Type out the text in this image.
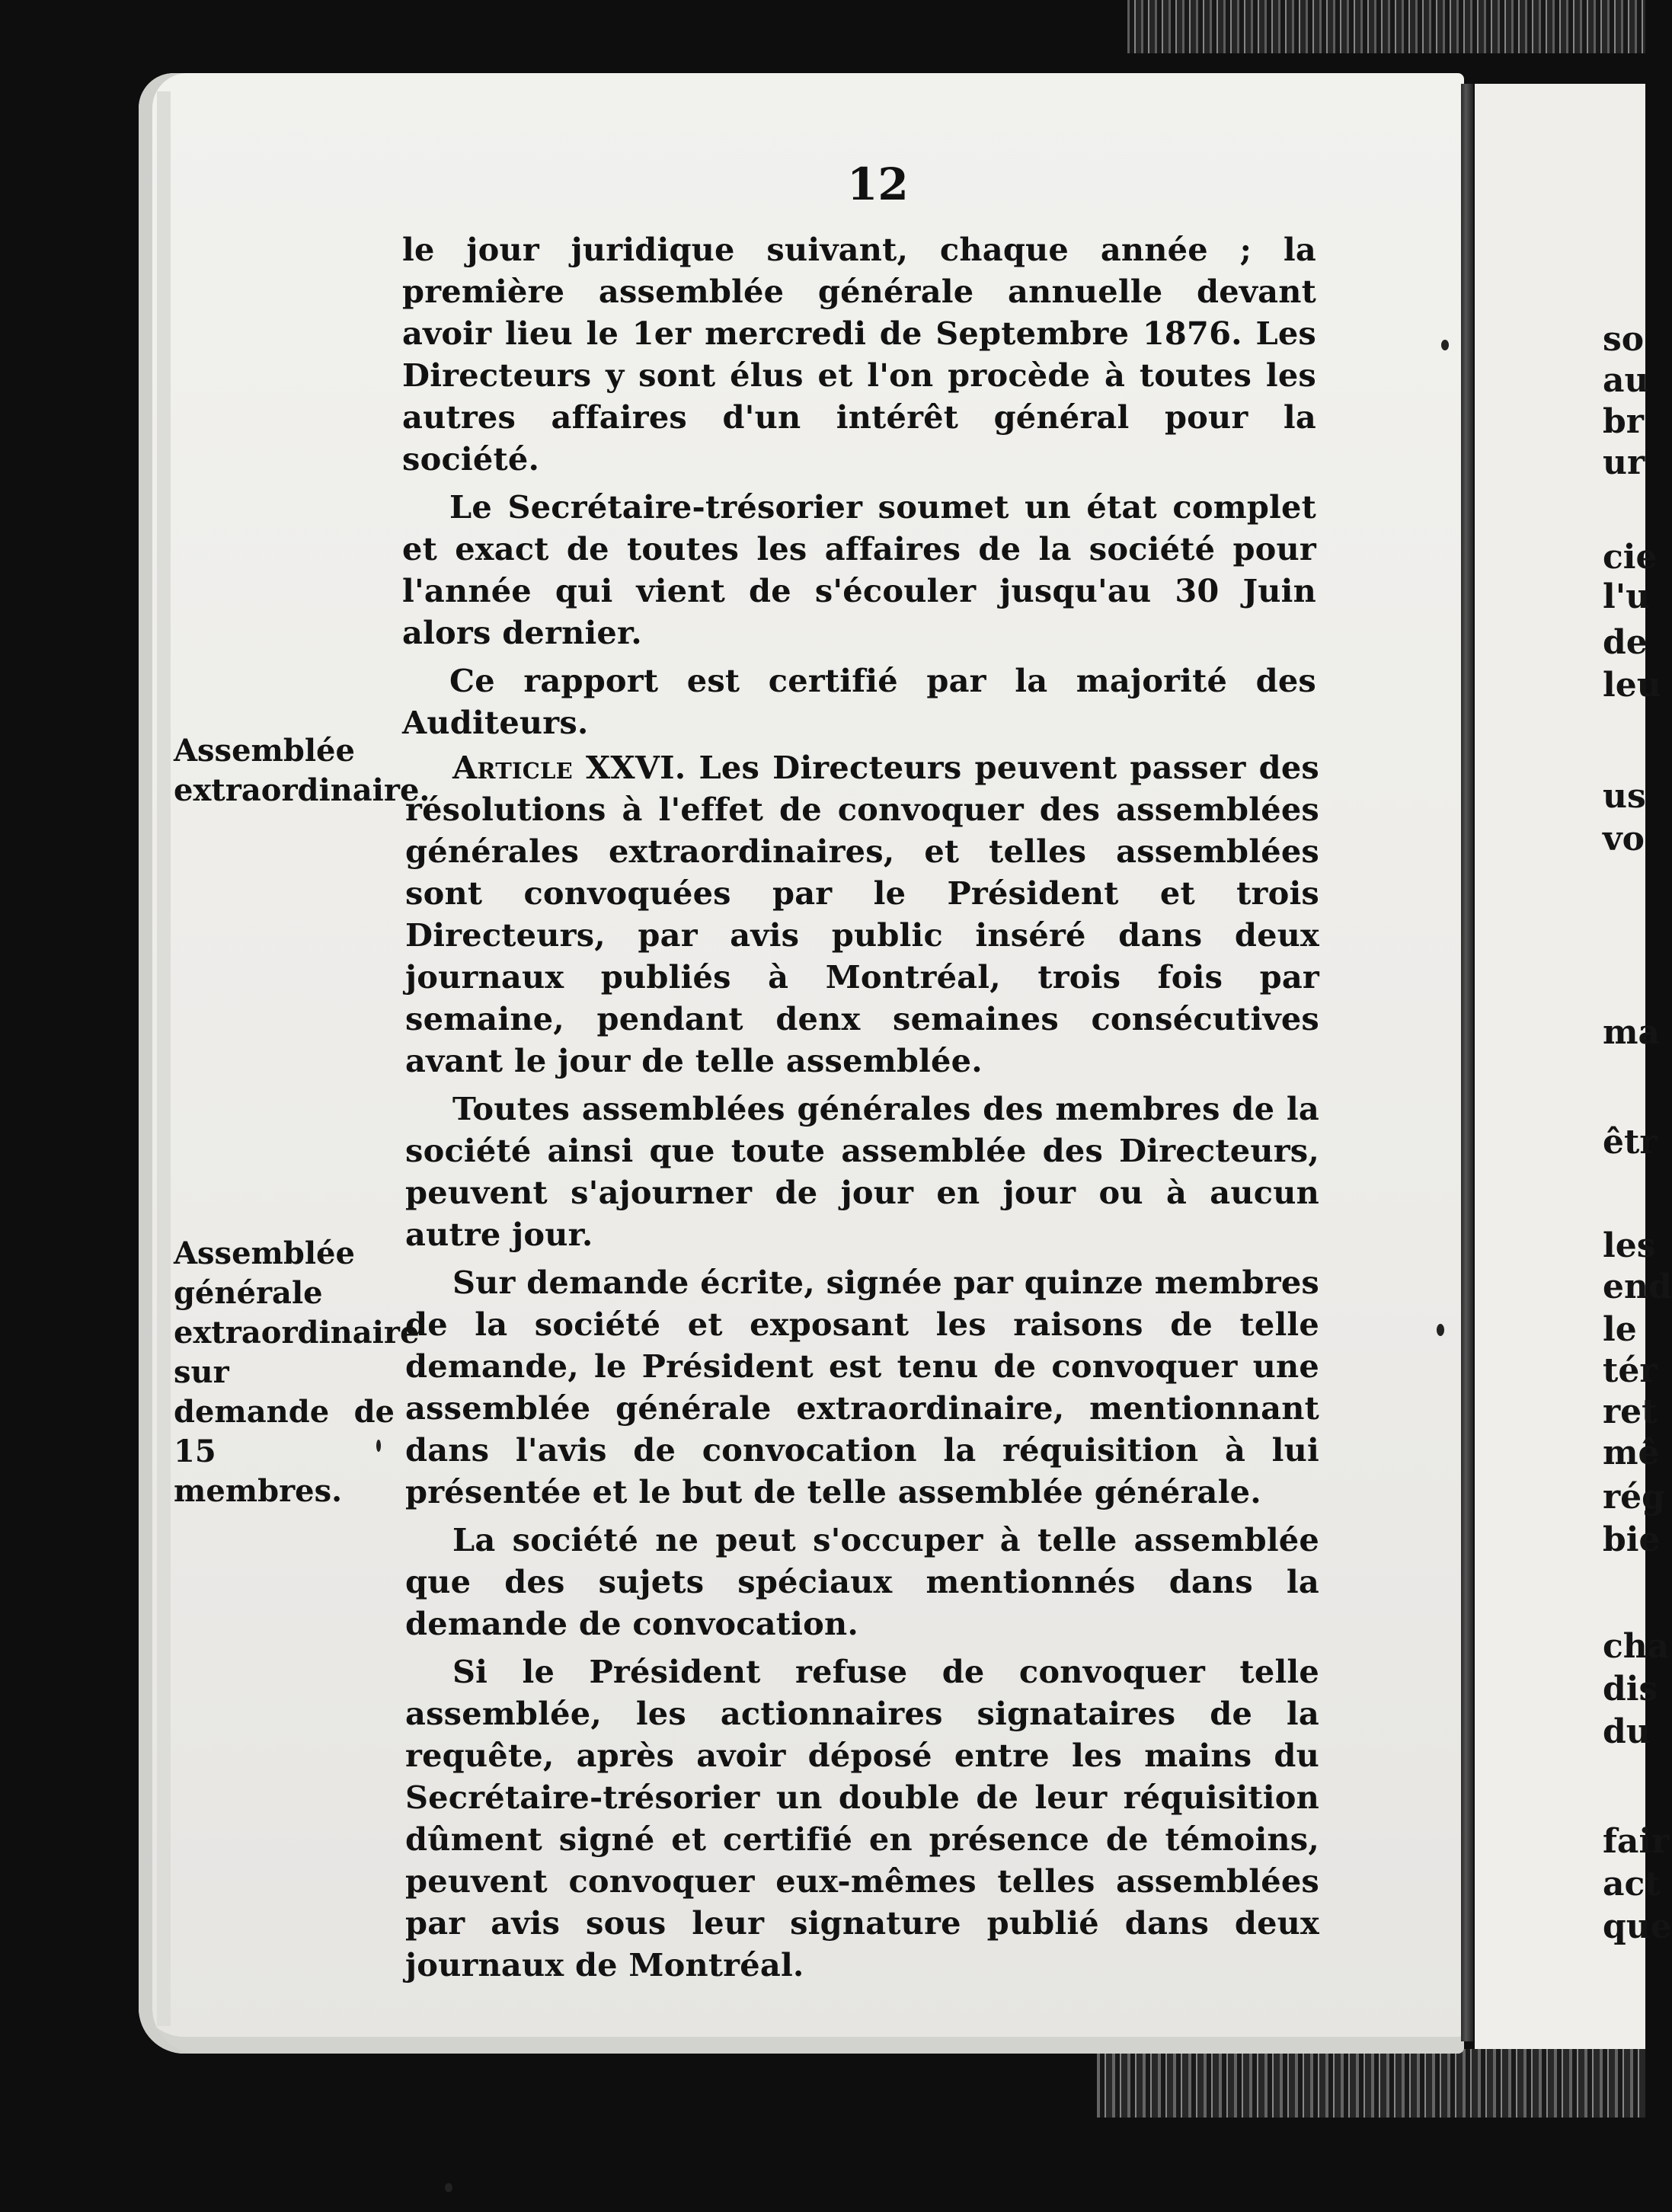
12

le jour juridique suivant, chaque année ; la première assemblée générale annuelle devant avoir lieu le 1er mercredi de Septembre 1876. Les Directeurs y sont élus et l'on procède à toutes les autres affaires d'un intérêt général pour la société.

Le Secrétaire-trésorier soumet un état complet et exact de toutes les affaires de la société pour l'année qui vient de s'écouler jusqu'au 30 Juin alors dernier.

Ce rapport est certifié par la majorité des Auditeurs.

Article XXVI. Les Directeurs peuvent passer des résolutions à l'effet de convoquer des assemblées générales extraordinaires, et telles assemblées sont convoquées par le Président et trois Directeurs, par avis public inséré dans deux journaux publiés à Montréal, trois fois par semaine, pendant denx semaines consécutives avant le jour de telle assemblée.

Toutes assemblées générales des membres de la société ainsi que toute assemblée des Directeurs, peuvent s'ajourner de jour en jour ou à aucun autre jour.

Sur demande écrite, signée par quinze membres de la société et exposant les raisons de telle demande, le Président est tenu de convoquer une assemblée générale extraordinaire, mentionnant dans l'avis de convocation la réquisition à lui présentée et le but de telle assemblée générale.

La société ne peut s'occuper à telle assemblée que des sujets spéciaux mentionnés dans la demande de convocation.

Si le Président refuse de convoquer telle assemblée, les actionnaires signataires de la requête, après avoir déposé entre les mains du Secrétaire-trésorier un double de leur réquisition dûment signé et certifié en présence de témoins, peuvent convoquer eux-mêmes telles assemblées par avis sous leur signature publié dans deux journaux de Montréal.

Assemblée extraordinaire.
Assemblée générale extraordinaire sur demande de 15 membres.
so
au
br
ur
cie
l'u
de
leu
us
vo
ma
êtr
les
end
le
tér
ret
mê
rég
bie
cha
dis
du
fair
act
que
